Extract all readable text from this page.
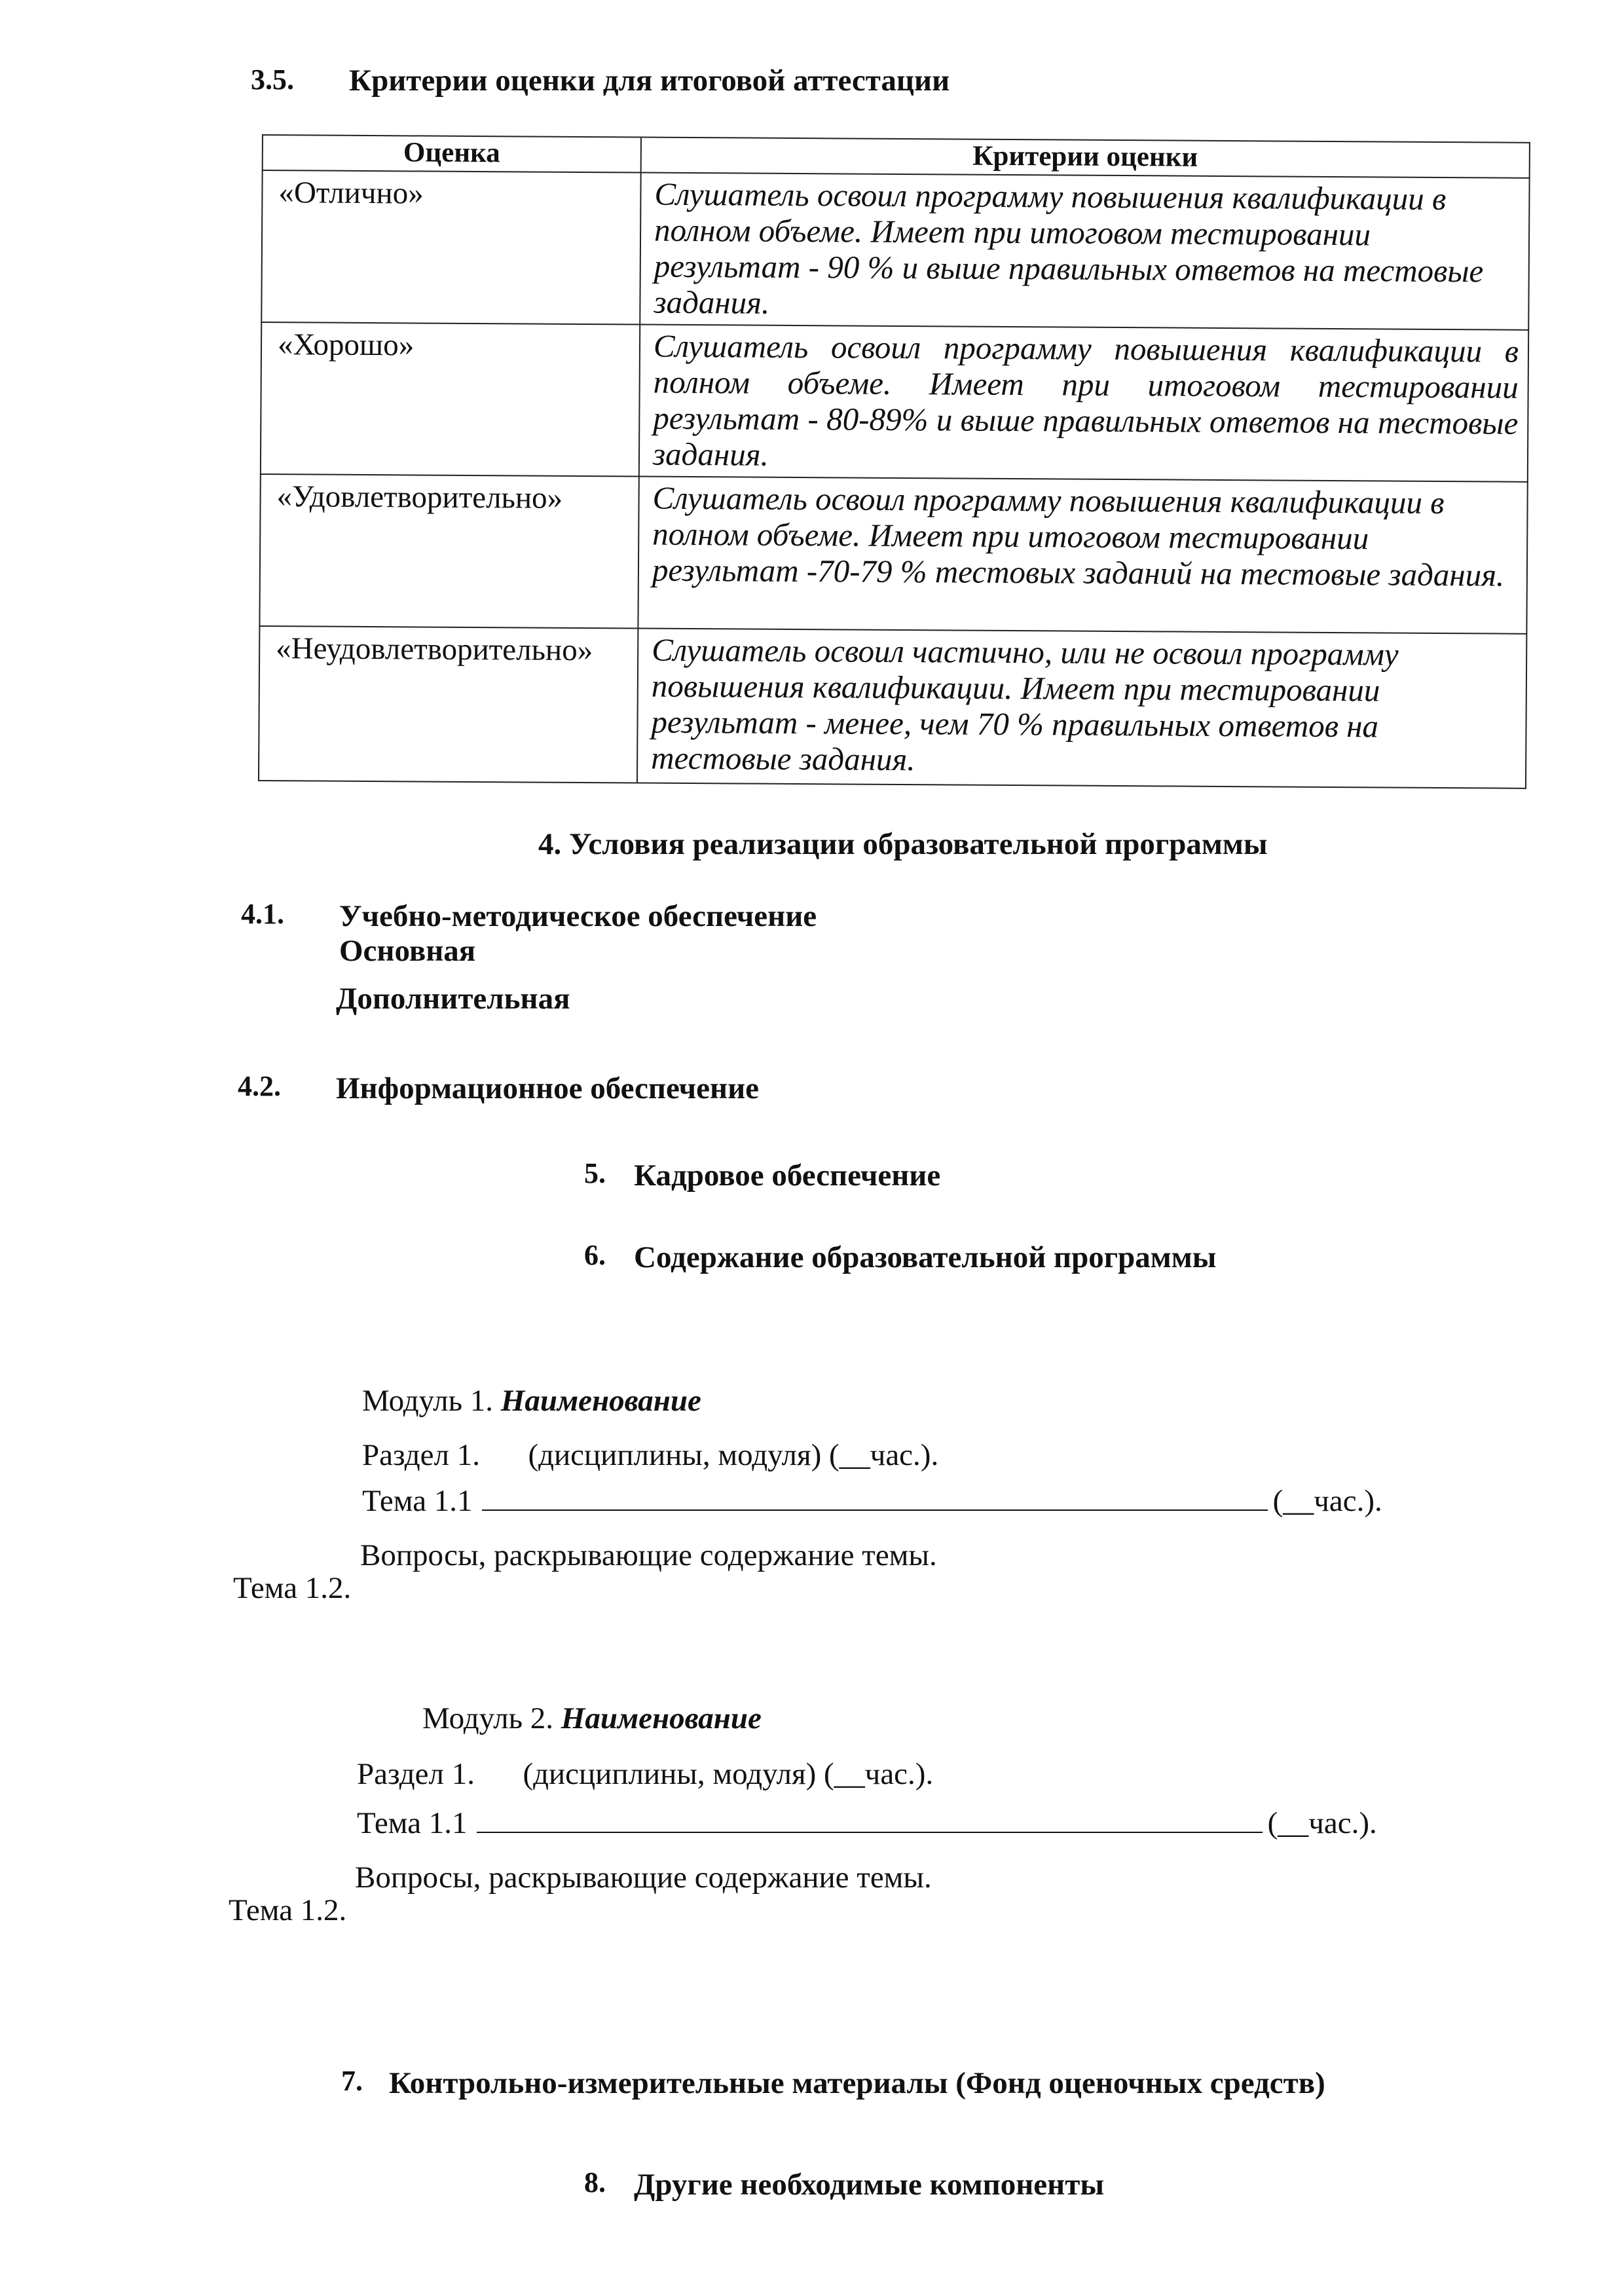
3.5. Критерии оценки для итоговой аттестации
Оценка	Критерии оценки
«Отлично»	Слушатель освоил программу повышения квалификации в полном объеме. Имеет при итоговом тестировании результат - 90 % и выше правильных ответов на тестовые задания.
«Хорошо»	Слушатель освоил программу повышения квалификации в полном объеме. Имеет при итоговом тестировании результат - 80-89% и выше правильных ответов на тестовые задания.
«Удовлетворительно»	Слушатель освоил программу повышения квалификации в полном объеме. Имеет при итоговом тестировании результат -70-79 % тестовых заданий на тестовые задания.
«Неудовлетворительно»	Слушатель освоил частично, или не освоил программу повышения квалификации. Имеет при тестировании результат - менее, чем 70 % правильных ответов на тестовые задания.
4. Условия реализации образовательной программы
4.1. Учебно-методическое обеспечение
Основная
Дополнительная
4.2. Информационное обеспечение
5. Кадровое обеспечение
6. Содержание образовательной программы
Модуль 1. Наименование
Раздел 1. (дисциплины, модуля) (__час.).
Тема 1.1	(__час.).
Вопросы, раскрывающие содержание темы.
Тема 1.2.
Модуль 2. Наименование
Раздел 1. (дисциплины, модуля) (__час.).
Тема 1.1	(__час.).
Вопросы, раскрывающие содержание темы.
Тема 1.2.
7. Контрольно-измерительные материалы (Фонд оценочных средств)
8. Другие необходимые компоненты
